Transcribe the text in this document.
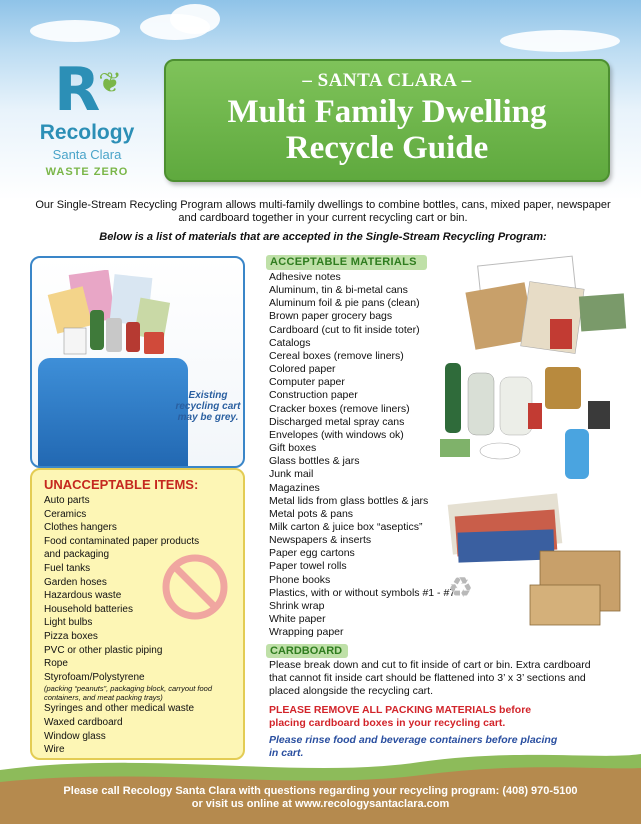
R❦
Recology
Santa Clara
WASTE ZERO
– SANTA CLARA –
Multi Family Dwelling
Recycle Guide
Our Single-Stream Recycling Program allows multi-family dwellings to combine bottles, cans, mixed paper, newspaper and cardboard together in your current recycling cart or bin.
Below is a list of materials that are accepted in the Single-Stream Recycling Program:
Existing recycling cart may be grey.
UNACCEPTABLE ITEMS:
Auto parts
Ceramics
Clothes hangers
Food contaminated paper products
and packaging
Fuel tanks
Garden hoses
Hazardous waste
Household batteries
Light bulbs
Pizza boxes
PVC or other plastic piping
Rope
Styrofoam/Polystyrene
(packing “peanuts”, packaging block, carryout food containers, and meat packing trays)
Syringes and other medical waste
Waxed cardboard
Window glass
Wire
ACCEPTABLE MATERIALS
Adhesive notes
Aluminum, tin & bi-metal cans
Aluminum foil & pie pans (clean)
Brown paper grocery bags
Cardboard (cut to fit inside toter)
Catalogs
Cereal boxes (remove liners)
Colored paper
Computer paper
Construction paper
Cracker boxes (remove liners)
Discharged metal spray cans
Envelopes (with windows ok)
Gift boxes
Glass bottles & jars
Junk mail
Magazines
Metal lids from glass bottles & jars
Metal pots & pans
Milk carton & juice box “aseptics”
Newspapers & inserts
Paper egg cartons
Paper towel rolls
Phone books
Plastics, with or without symbols #1 - #7
Shrink wrap
White paper
Wrapping paper
♻
CARDBOARD
Please break down and cut to fit inside of cart or bin. Extra cardboard that cannot fit inside cart should be flattened into 3’ x 3’ sections and placed alongside the recycling cart.
PLEASE REMOVE ALL PACKING MATERIALS before placing cardboard boxes in your recycling cart.
Please rinse food and beverage containers before placing in cart.
Please call Recology Santa Clara with questions regarding your recycling program: (408) 970-5100
or visit us online at www.recologysantaclara.com
